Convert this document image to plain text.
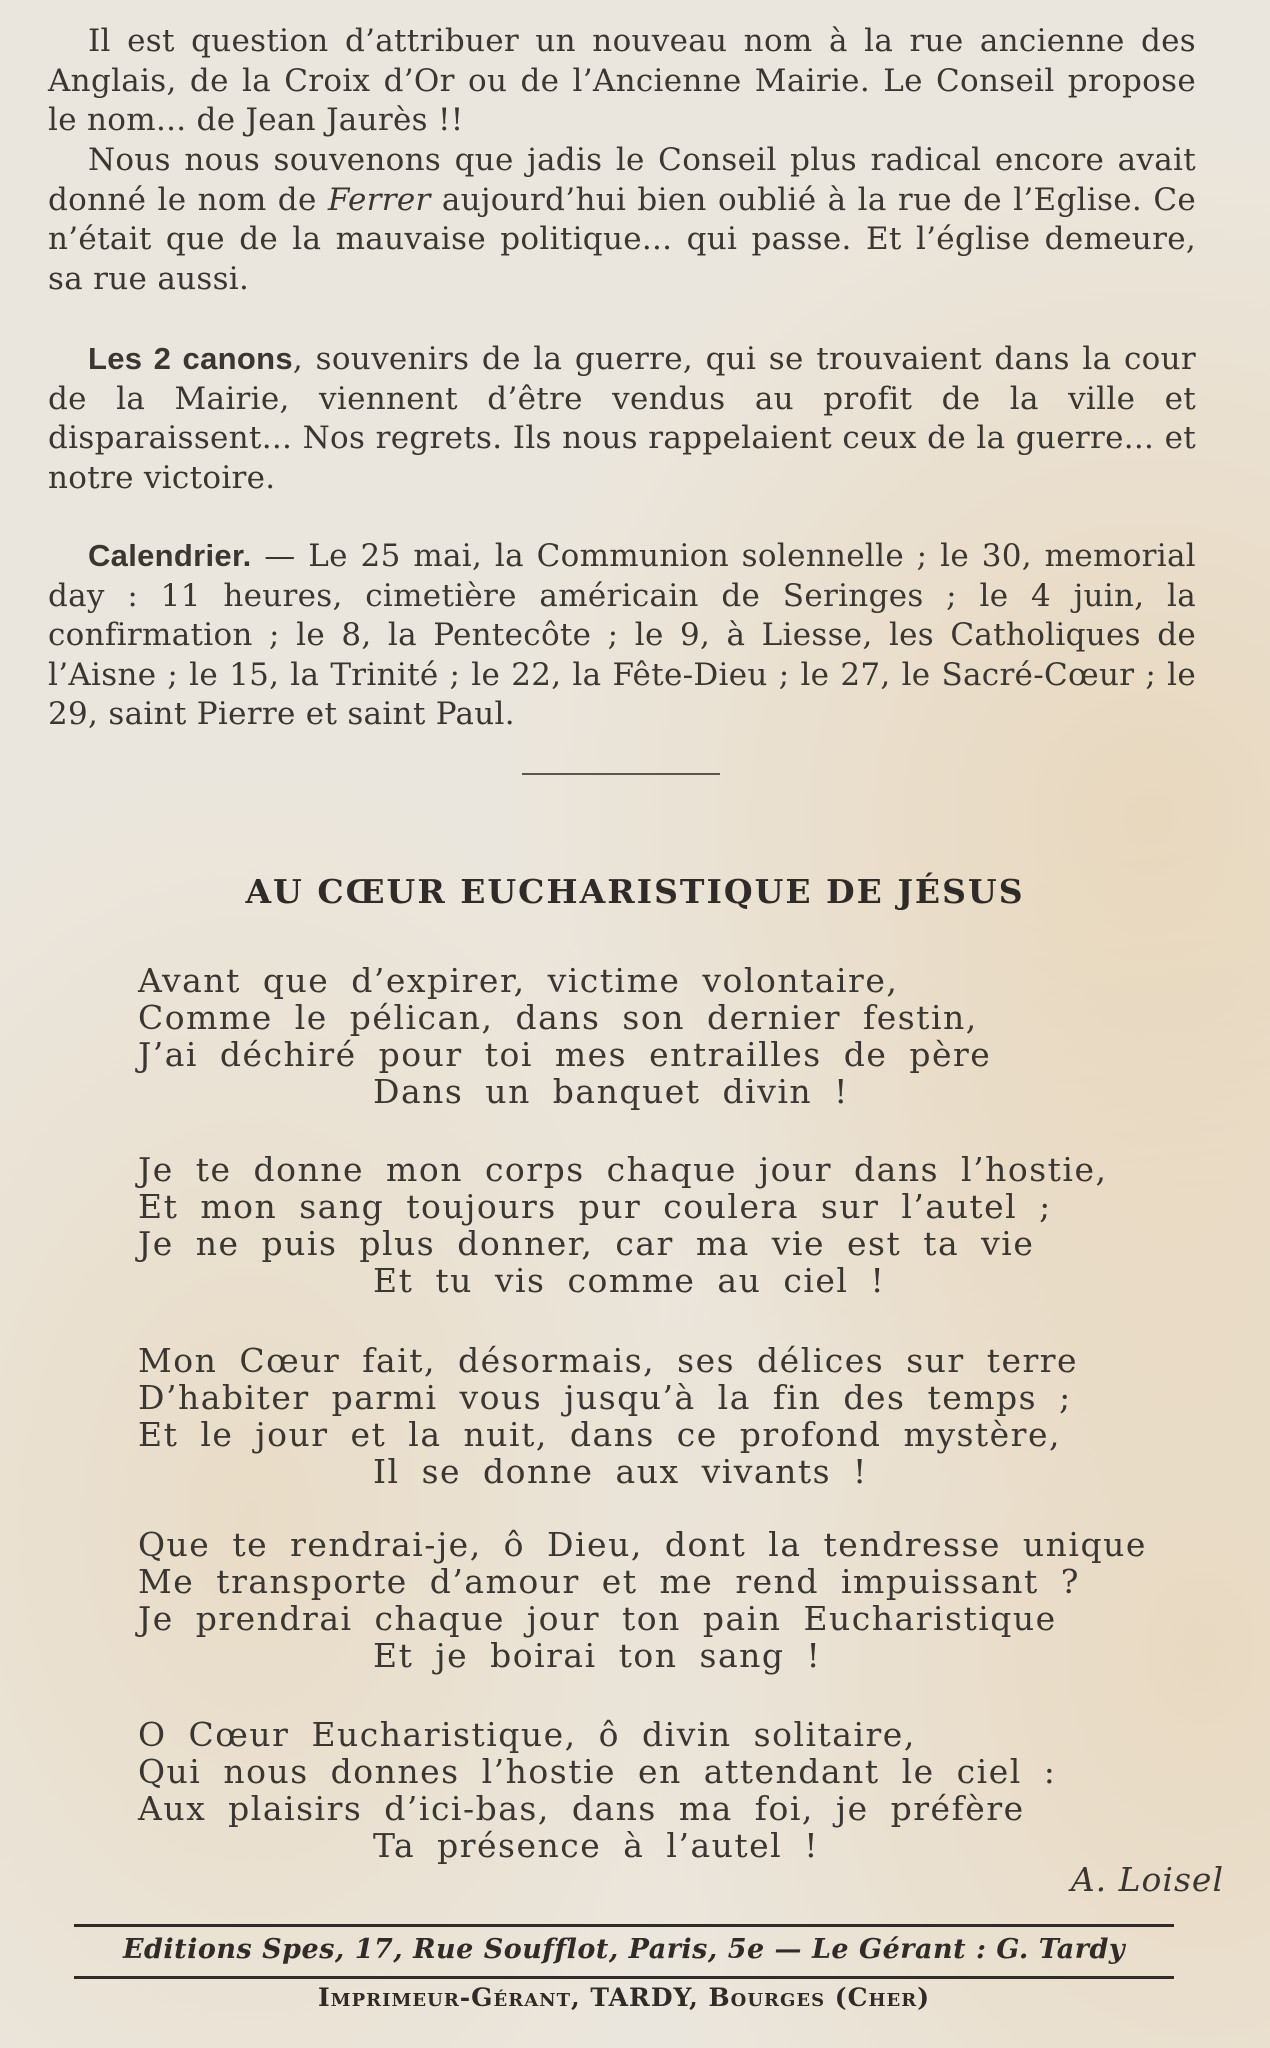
Il est question d’attribuer un nouveau nom à la rue ancienne des Anglais, de la Croix d’Or ou de l’Ancienne Mairie. Le Conseil propose le nom... de Jean Jaurès !!
Nous nous souvenons que jadis le Conseil plus radical encore avait donné le nom de Ferrer aujourd’hui bien oublié à la rue de l’Eglise. Ce n’était que de la mauvaise politique... qui passe. Et l’église demeure, sa rue aussi.
Les 2 canons, souvenirs de la guerre, qui se trouvaient dans la cour de la Mairie, viennent d’être vendus au profit de la ville et disparaissent... Nos regrets. Ils nous rappelaient ceux de la guerre... et notre victoire.
Calendrier. — Le 25 mai, la Communion solennelle ; le 30, memorial day : 11 heures, cimetière américain de Seringes ; le 4 juin, la confirmation ; le 8, la Pentecôte ; le 9, à Liesse, les Catholiques de l’Aisne ; le 15, la Trinité ; le 22, la Fête-Dieu ; le 27, le Sacré-Cœur ; le 29, saint Pierre et saint Paul.
AU CŒUR EUCHARISTIQUE DE JÉSUS
Avant que d’expirer, victime volontaire,
Comme le pélican, dans son dernier festin,
J’ai déchiré pour toi mes entrailles de père
Dans un banquet divin !
Je te donne mon corps chaque jour dans l’hostie,
Et mon sang toujours pur coulera sur l’autel ;
Je ne puis plus donner, car ma vie est ta vie
Et tu vis comme au ciel !
Mon Cœur fait, désormais, ses délices sur terre
D’habiter parmi vous jusqu’à la fin des temps ;
Et le jour et la nuit, dans ce profond mystère,
Il se donne aux vivants !
Que te rendrai-je, ô Dieu, dont la tendresse unique
Me transporte d’amour et me rend impuissant ?
Je prendrai chaque jour ton pain Eucharistique
Et je boirai ton sang !
O Cœur Eucharistique, ô divin solitaire,
Qui nous donnes l’hostie en attendant le ciel :
Aux plaisirs d’ici-bas, dans ma foi, je préfère
Ta présence à l’autel !
A. Loisel
Editions Spes, 17, Rue Soufflot, Paris, 5e — Le Gérant : G. Tardy
Imprimeur-Gérant, TARDY, Bourges (Cher)
